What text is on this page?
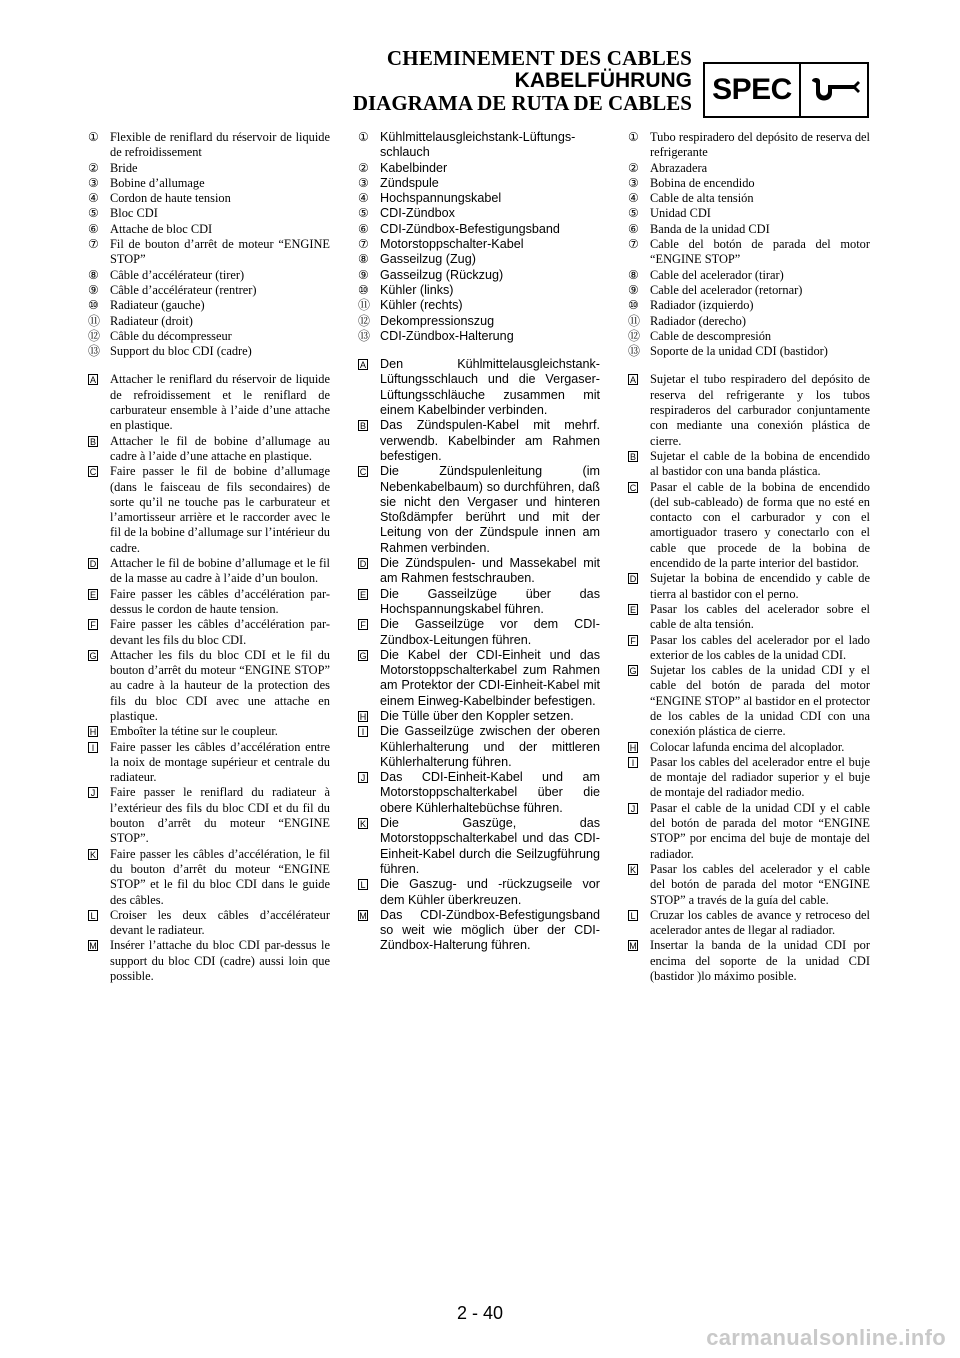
CHEMINEMENT DES CABLES
KABELFÜHRUNG
DIAGRAMA DE RUTA DE CABLES SPEC
① Flexible de reniflard du réservoir de liquide de refroidissement
② Bride
③ Bobine d’allumage
④ Cordon de haute tension
⑤ Bloc CDI
⑥ Attache de bloc CDI
⑦ Fil de bouton d’arrêt de moteur “ENGINE STOP”
⑧ Câble d’accélérateur (tirer)
⑨ Câble d’accélérateur (rentrer)
⑩ Radiateur (gauche)
⑪ Radiateur (droit)
⑫ Câble du décompresseur
⑬ Support du bloc CDI (cadre)
A	Attacher le reniflard du réservoir de liquide de refroidissement et le reniflard de carburateur ensemble à l’aide d’une attache en plastique.
B	Attacher le fil de bobine d’allumage au cadre à l’aide d’une attache en plastique.
C	Faire passer le fil de bobine d’allumage (dans le faisceau de fils secondaires) de sorte qu’il ne touche pas le carburateur et l’amortisseur arrière et le raccorder avec le fil de la bobine d’allumage sur l’intérieur du cadre.
D	Attacher le fil de bobine d’allumage et le fil de la masse au cadre à l’aide d’un boulon.
E	Faire passer les câbles d’accélération par-dessus le cordon de haute tension.
F	Faire passer les câbles d’accélération par-devant les fils du bloc CDI.
G	Attacher les fils du bloc CDI et le fil du bouton d’arrêt du moteur “ENGINE STOP” au cadre à la hauteur de la protection des fils du bloc CDI avec une attache en plastique.
H	Emboîter la tétine sur le coupleur.
I	Faire passer les câbles d’accélération entre la noix de montage supérieur et centrale du radiateur.
J	Faire passer le reniflard du radiateur à l’extérieur des fils du bloc CDI et du fil du bouton d’arrêt du moteur “ENGINE STOP”.
K	Faire passer les câbles d’accélération, le fil du bouton d’arrêt du moteur “ENGINE STOP” et le fil du bloc CDI dans le guide des câbles.
L	Croiser les deux câbles d’accélérateur devant le radiateur.
M	Insérer l’attache du bloc CDI par-dessus le support du bloc CDI (cadre) aussi loin que possible.
① Kühlmittelausgleichstank-Lüftungs-schlauch
② Kabelbinder
③ Zündspule
④ Hochspannungskabel
⑤ CDI-Zündbox
⑥ CDI-Zündbox-Befestigungsband
⑦ Motorstoppschalter-Kabel
⑧ Gasseilzug (Zug)
⑨ Gasseilzug (Rückzug)
⑩ Kühler (links)
⑪ Kühler (rechts)
⑫ Dekompressionszug
⑬ CDI-Zündbox-Halterung
A	Den Kühlmittelausgleichstank-Lüftungsschlauch und die Vergaser-Lüftungsschläuche zusammen mit einem Kabelbinder verbinden.
B	Das Zündspulen-Kabel mit mehrf. verwendb. Kabelbinder am Rahmen befestigen.
C	Die Zündspulenleitung (im Nebenkabelbaum) so durchführen, daß sie nicht den Vergaser und hinteren Stoßdämpfer berührt und mit der Leitung von der Zündspule innen am Rahmen verbinden.
D	Die Zündspulen- und Massekabel mit am Rahmen festschrauben.
E	Die Gasseilzüge über das Hochspannungskabel führen.
F	Die Gasseilzüge vor dem CDI-Zündbox-Leitungen führen.
G	Die Kabel der CDI-Einheit und das Motorstoppschalterkabel zum Rahmen am Protektor der CDI-Einheit-Kabel mit einem Einweg-Kabelbinder befestigen.
H	Die Tülle über den Koppler setzen.
I	Die Gasseilzüge zwischen der oberen Kühlerhalterung und der mittleren Kühlerhalterung führen.
J	Das CDI-Einheit-Kabel und am Motorstoppschalterkabel über die obere Kühlerhaltebüchse führen.
K	Die Gaszüge, das Motorstoppschalterkabel und das CDI-Einheit-Kabel durch die Seilzugführung führen.
L	Die Gaszug- und -rückzugseile vor dem Kühler überkreuzen.
M	Das CDI-Zündbox-Befestigungsband so weit wie möglich über der CDI-Zündbox-Halterung führen.
① Tubo respiradero del depósito de reserva del refrigerante
② Abrazadera
③ Bobina de encendido
④ Cable de alta tensión
⑤ Unidad CDI
⑥ Banda de la unidad CDI
⑦ Cable del botón de parada del motor “ENGINE STOP”
⑧ Cable del acelerador (tirar)
⑨ Cable del acelerador (retornar)
⑩ Radiador (izquierdo)
⑪ Radiador (derecho)
⑫ Cable de descompresión
⑬ Soporte de la unidad CDI (bastidor)
A	Sujetar el tubo respiradero del depósito de reserva del refrigerante y los tubos respiraderos del carburador conjuntamente con mediante una conexión plástica de cierre.
B	Sujetar el cable de la bobina de encendido al bastidor con una banda plástica.
C	Pasar el cable de la bobina de encendido (del sub-cableado) de forma que no esté en contacto con el carburador y con el amortiguador trasero y conectarlo con el cable que procede de la bobina de encendido de la parte interior del bastidor.
D	Sujetar la bobina de encendido y cable de tierra al bastidor con el perno.
E	Pasar los cables del acelerador sobre el cable de alta tensión.
F	Pasar los cables del acelerador por el lado exterior de los cables de la unidad CDI.
G	Sujetar los cables de la unidad CDI y el cable del botón de parada del motor “ENGINE STOP” al bastidor en el protector de los cables de la unidad CDI con una conexión plástica de cierre.
H	Colocar lafunda encima del alcoplador.
I	Pasar los cables del acelerador entre el buje de montaje del radiador superior y el buje de montaje del radiador medio.
J	Pasar el cable de la unidad CDI y el cable del botón de parada del motor “ENGINE STOP” por encima del buje de montaje del radiador.
K	Pasar los cables del acelerador y el cable del botón de parada del motor “ENGINE STOP” a través de la guía del cable.
L	Cruzar los cables de avance y retroceso del acelerador antes de llegar al radiador.
M	Insertar la banda de la unidad CDI por encima del soporte de la unidad CDI (bastidor )lo máximo posible.
2 - 40
carmanualsonline.info
